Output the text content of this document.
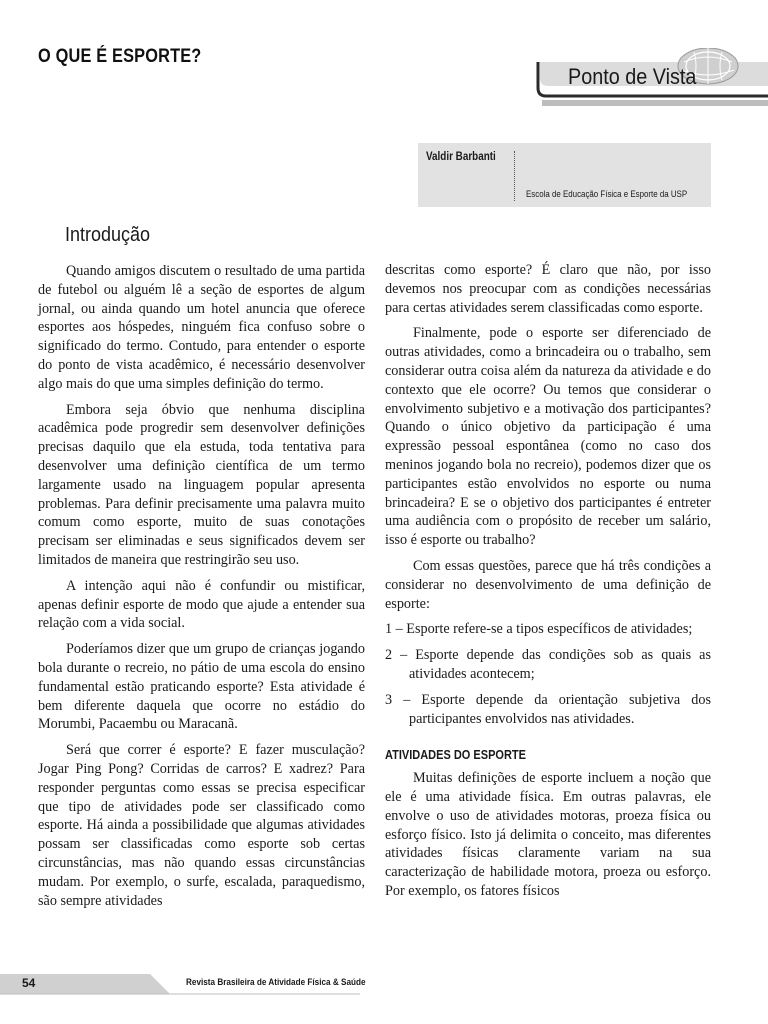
O QUE É ESPORTE?
Ponto de Vista
Valdir Barbanti
Escola de Educação Física e Esporte da USP
Introdução

Quando amigos discutem o resultado de uma partida de futebol ou alguém lê a seção de esportes de algum jornal, ou ainda quando um hotel anuncia que oferece esportes aos hóspedes, ninguém fica confuso sobre o significado do termo. Contudo, para entender o esporte do ponto de vista acadêmico, é necessário desenvolver algo mais do que uma simples definição do termo.

Embora seja óbvio que nenhuma disciplina acadêmica pode progredir sem desenvolver definições precisas daquilo que ela estuda, toda tentativa para desenvolver uma definição científica de um termo largamente usado na linguagem popular apresenta problemas. Para definir precisamente uma palavra muito comum como esporte, muito de suas conotações precisam ser eliminadas e seus significados devem ser limitados de maneira que restringirão seu uso.

A intenção aqui não é confundir ou mistificar, apenas definir esporte de modo que ajude a entender sua relação com a vida social.

Poderíamos dizer que um grupo de crianças jogando bola durante o recreio, no pátio de uma escola do ensino fundamental estão praticando esporte? Esta atividade é bem diferente daquela que ocorre no estádio do Morumbi, Pacaembu ou Maracanã.

Será que correr é esporte? E fazer musculação? Jogar Ping Pong? Corridas de carros? E xadrez? Para responder perguntas como essas se precisa especificar que tipo de atividades pode ser classificado como esporte. Há ainda a possibilidade que algumas atividades possam ser classificadas como esporte sob certas circunstâncias, mas não quando essas circunstâncias mudam. Por exemplo, o surfe, escalada, paraquedismo, são sempre atividades

descritas como esporte? É claro que não, por isso devemos nos preocupar com as condições necessárias para certas atividades serem classificadas como esporte.

Finalmente, pode o esporte ser diferenciado de outras atividades, como a brincadeira ou o trabalho, sem considerar outra coisa além da natureza da atividade e do contexto que ele ocorre? Ou temos que considerar o envolvimento subjetivo e a motivação dos participantes? Quando o único objetivo da participação é uma expressão pessoal espontânea (como no caso dos meninos jogando bola no recreio), podemos dizer que os participantes estão envolvidos no esporte ou numa brincadeira? E se o objetivo dos participantes é entreter uma audiência com o propósito de receber um salário, isso é esporte ou trabalho?

Com essas questões, parece que há três condições a considerar no desenvolvimento de uma definição de esporte:

1 – Esporte refere-se a tipos específicos de atividades;
2 – Esporte depende das condições sob as quais as atividades acontecem;
3 – Esporte depende da orientação subjetiva dos participantes envolvidos nas atividades.
ATIVIDADES DO ESPORTE

Muitas definições de esporte incluem a noção que ele é uma atividade física. Em outras palavras, ele envolve o uso de atividades motoras, proeza física ou esforço físico. Isto já delimita o conceito, mas diferentes atividades físicas claramente variam na sua caracterização de habilidade motora, proeza ou esforço. Por exemplo, os fatores físicos

54	Revista Brasileira de Atividade Física & Saúde
